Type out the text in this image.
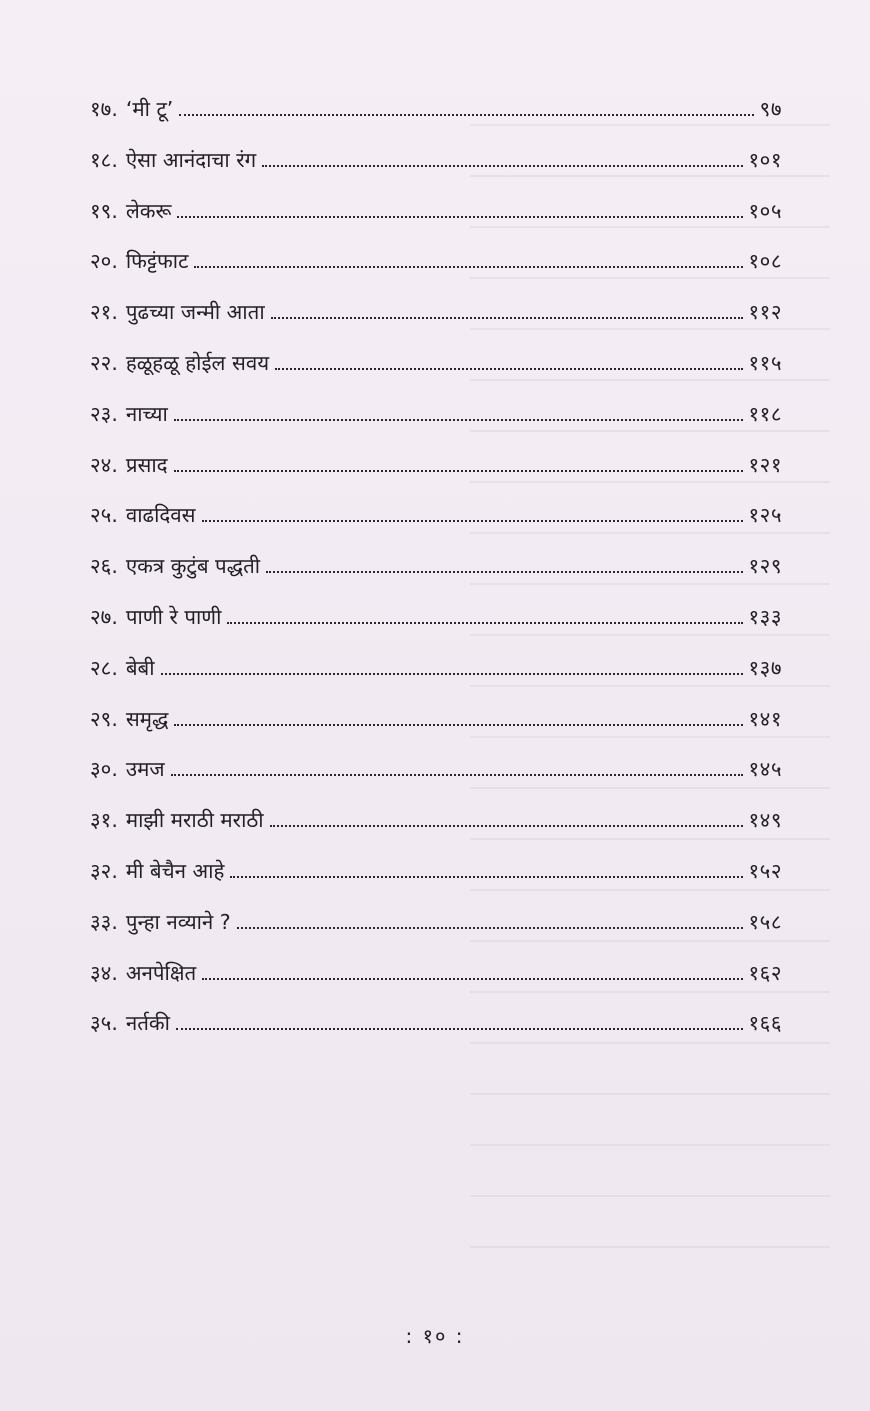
१७. ‘मी टू’	९७
१८. ऐसा आनंदाचा रंग	१०१
१९. लेकरू	१०५
२०. फिट्टंफाट	१०८
२१. पुढच्या जन्मी आता	११२
२२. हळूहळू होईल सवय	११५
२३. नाच्या	११८
२४. प्रसाद	१२१
२५. वाढदिवस	१२५
२६. एकत्र कुटुंब पद्धती	१२९
२७. पाणी रे पाणी	१३३
२८. बेबी	१३७
२९. समृद्ध	१४१
३०. उमज	१४५
३१. माझी मराठी मराठी	१४९
३२. मी बेचैन आहे	१५२
३३. पुन्हा नव्याने ?	१५८
३४. अनपेक्षित	१६२
३५. नर्तकी	१६६
: १० :
